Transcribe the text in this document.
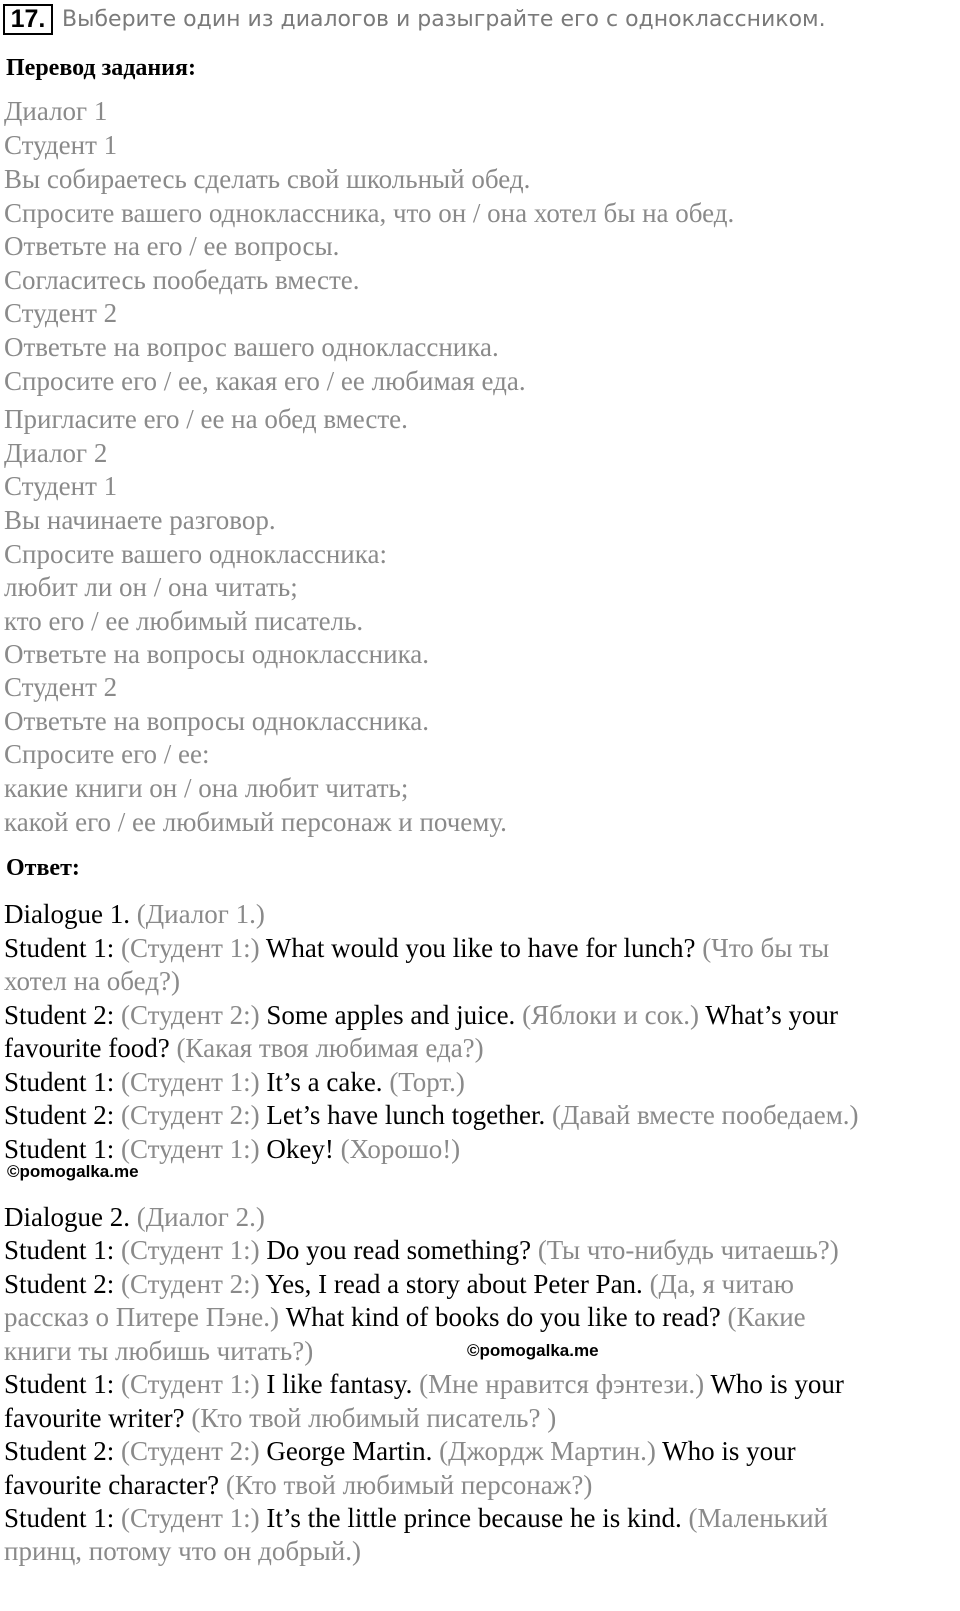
17. Выберите один из диалогов и разыграйте его с одноклассником.
Перевод задания:
Диалог 1
Студент 1
Вы собираетесь сделать свой школьный обед.
Спросите вашего одноклассника, что он / она хотел бы на обед.
Ответьте на его / ее вопросы.
Согласитесь пообедать вместе.
Студент 2
Ответьте на вопрос вашего одноклассника.
Спросите его / ее, какая его / ее любимая еда.
Пригласите его / ее на обед вместе.
Диалог 2
Студент 1
Вы начинаете разговор.
Спросите вашего одноклассника:
любит ли он / она читать;
кто его / ее любимый писатель.
Ответьте на вопросы одноклассника.
Студент 2
Ответьте на вопросы одноклассника.
Спросите его / ее:
какие книги он / она любит читать;
какой его / ее любимый персонаж и почему.
Ответ:
Dialogue 1. (Диалог 1.)
Student 1: (Студент 1:) What would you like to have for lunch? (Что бы ты
хотел на обед?)
Student 2: (Студент 2:) Some apples and juice. (Яблоки и сок.) What’s your
favourite food? (Какая твоя любимая еда?)
Student 1: (Студент 1:) It’s a cake. (Торт.)
Student 2: (Студент 2:) Let’s have lunch together. (Давай вместе пообедаем.)
Student 1: (Студент 1:) Okey! (Хорошо!)
Dialogue 2. (Диалог 2.)
Student 1: (Студент 1:) Do you read something? (Ты что-нибудь читаешь?)
Student 2: (Студент 2:) Yes, I read a story about Peter Pan. (Да, я читаю
рассказ о Питере Пэне.) What kind of books do you like to read? (Какие
книги ты любишь читать?)
Student 1: (Студент 1:) I like fantasy. (Мне нравится фэнтези.) Who is your
favourite writer? (Кто твой любимый писатель? )
Student 2: (Студент 2:) George Martin. (Джордж Мартин.) Who is your
favourite character? (Кто твой любимый персонаж?)
Student 1: (Студент 1:) It’s the little prince because he is kind. (Маленький
принц, потому что он добрый.)
©pomogalka.me
©pomogalka.me
